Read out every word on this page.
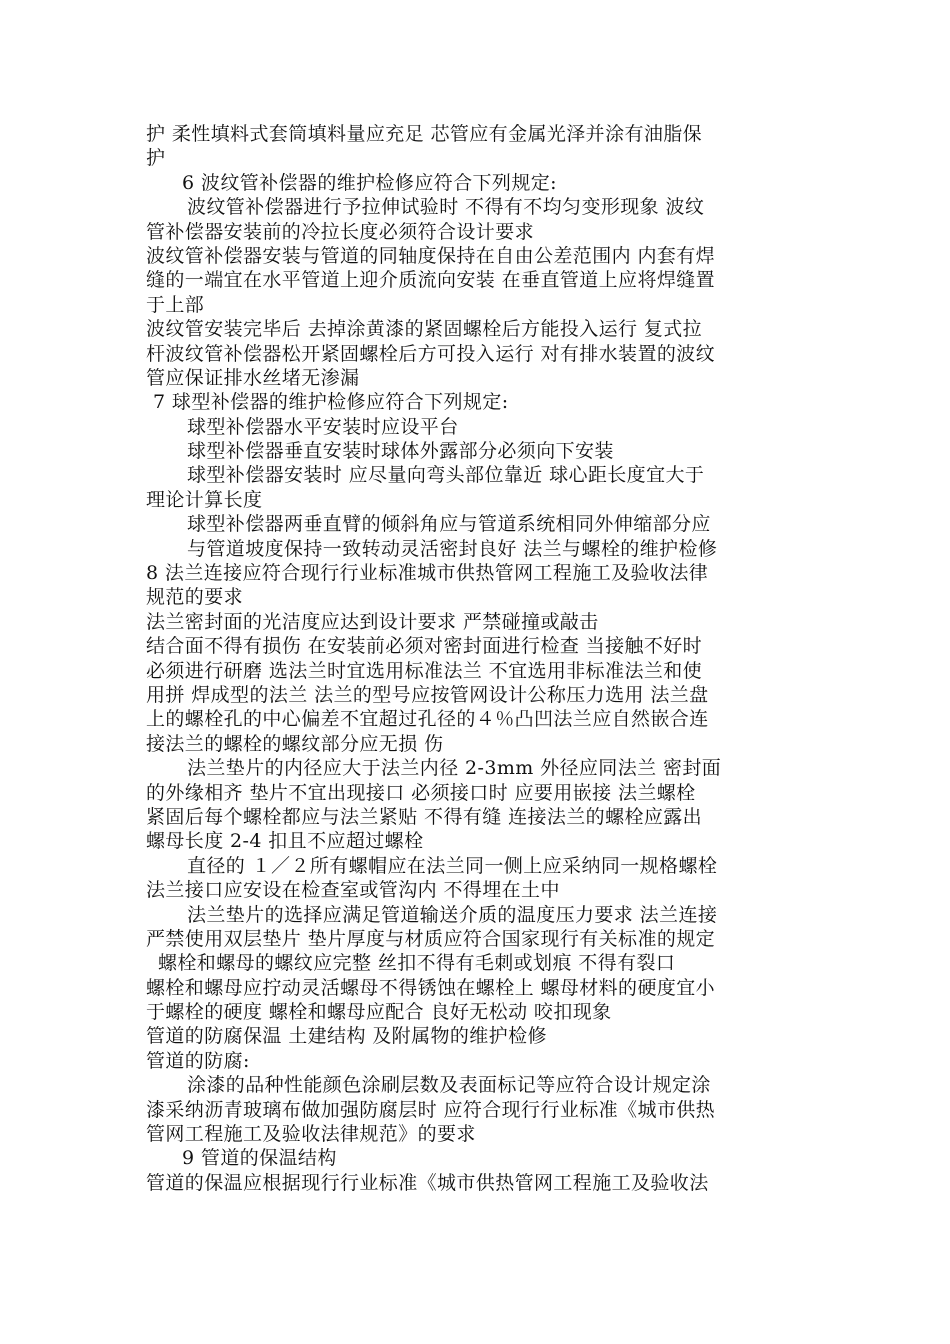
护 柔性填料式套筒填料量应充足 芯管应有金属光泽并涂有油脂保
护
6 波纹管补偿器的维护检修应符合下列规定:
波纹管补偿器进行予拉伸试验时 不得有不均匀变形现象 波纹
管补偿器安装前的冷拉长度必须符合设计要求
波纹管补偿器安装与管道的同轴度保持在自由公差范围内 内套有焊
缝的一端宜在水平管道上迎介质流向安装 在垂直管道上应将焊缝置
于上部
波纹管安装完毕后 去掉涂黄漆的紧固螺栓后方能投入运行 复式拉
杆波纹管补偿器松开紧固螺栓后方可投入运行 对有排水装置的波纹
管应保证排水丝堵无渗漏
7 球型补偿器的维护检修应符合下列规定:
球型补偿器水平安装时应设平台
球型补偿器垂直安装时球体外露部分必须向下安装
球型补偿器安装时 应尽量向弯头部位靠近 球心距长度宜大于
理论计算长度
球型补偿器两垂直臂的倾斜角应与管道系统相同外伸缩部分应
与管道坡度保持一致转动灵活密封良好 法兰与螺栓的维护检修
8 法兰连接应符合现行行业标准城市供热管网工程施工及验收法律
规范的要求
法兰密封面的光洁度应达到设计要求 严禁碰撞或敲击
结合面不得有损伤 在安装前必须对密封面进行检查 当接触不好时
必须进行研磨 选法兰时宜选用标准法兰 不宜选用非标准法兰和使
用拼 焊成型的法兰 法兰的型号应按管网设计公称压力选用 法兰盘
上的螺栓孔的中心偏差不宜超过孔径的４％凸凹法兰应自然嵌合连
接法兰的螺栓的螺纹部分应无损 伤
法兰垫片的内径应大于法兰内径 2-3mm 外径应同法兰 密封面
的外缘相齐 垫片不宜出现接口 必须接口时 应要用嵌接 法兰螺栓
紧固后每个螺栓都应与法兰紧贴 不得有缝 连接法兰的螺栓应露出
螺母长度 2-4 扣且不应超过螺栓
直径的 １／２所有螺帽应在法兰同一侧上应采纳同一规格螺栓
法兰接口应安设在检查室或管沟内 不得埋在土中
法兰垫片的选择应满足管道输送介质的温度压力要求 法兰连接
严禁使用双层垫片 垫片厚度与材质应符合国家现行有关标准的规定
螺栓和螺母的螺纹应完整 丝扣不得有毛刺或划痕 不得有裂口
螺栓和螺母应拧动灵活螺母不得锈蚀在螺栓上 螺母材料的硬度宜小
于螺栓的硬度 螺栓和螺母应配合 良好无松动 咬扣现象
管道的防腐保温 土建结构 及附属物的维护检修
管道的防腐:
涂漆的品种性能颜色涂刷层数及表面标记等应符合设计规定涂
漆采纳沥青玻璃布做加强防腐层时 应符合现行行业标准《城市供热
管网工程施工及验收法律规范》的要求
9 管道的保温结构
管道的保温应根据现行行业标准《城市供热管网工程施工及验收法
